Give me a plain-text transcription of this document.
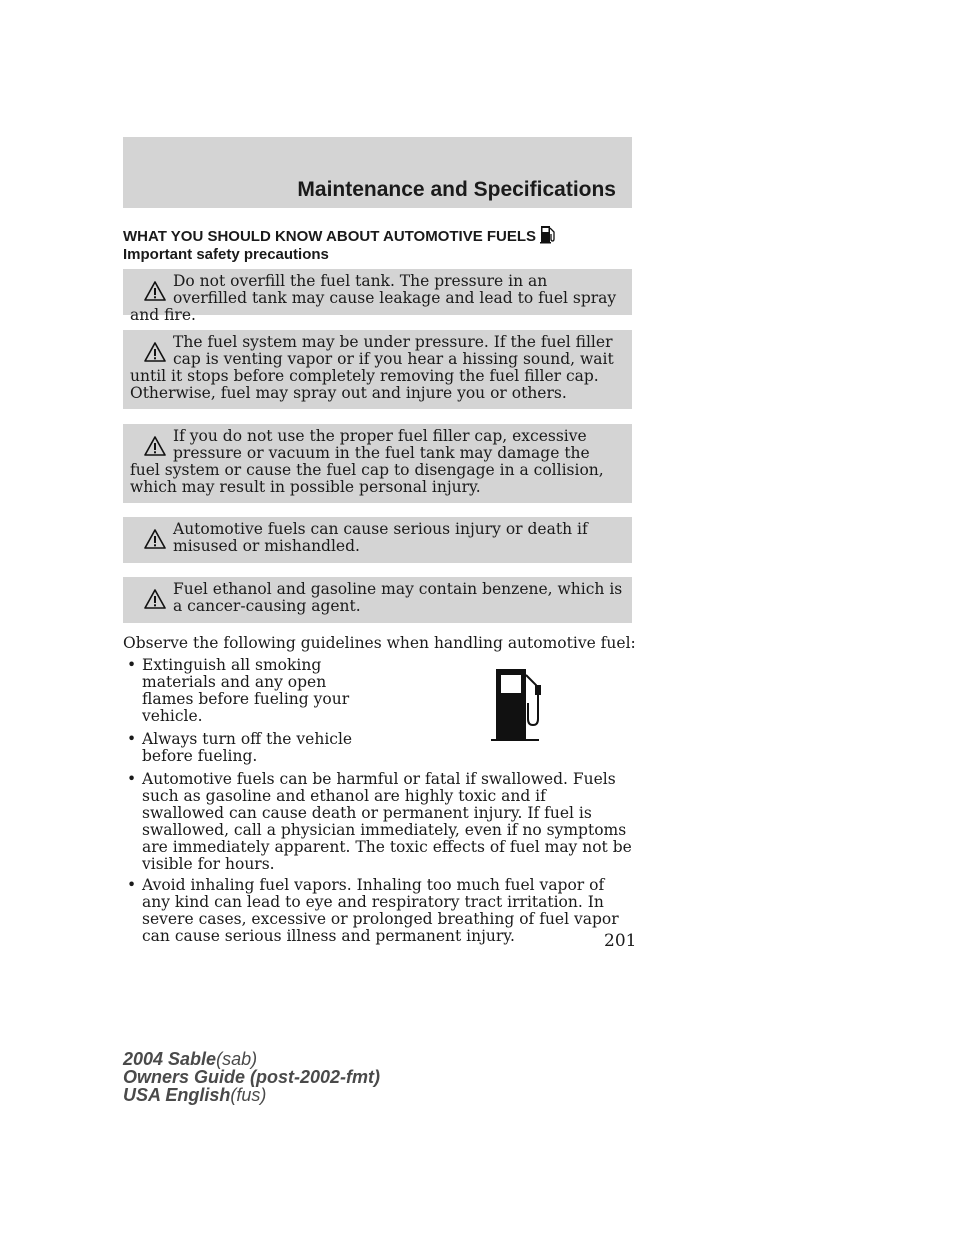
Maintenance and Specifications
WHAT YOU SHOULD KNOW ABOUT AUTOMOTIVE FUELS
Important safety precautions

Do not overfill the fuel tank. The pressure in an overfilled tank may cause leakage and lead to fuel spray and fire.

The fuel system may be under pressure. If the fuel filler cap is venting vapor or if you hear a hissing sound, wait until it stops before completely removing the fuel filler cap. Otherwise, fuel may spray out and injure you or others.

If you do not use the proper fuel filler cap, excessive pressure or vacuum in the fuel tank may damage the fuel system or cause the fuel cap to disengage in a collision, which may result in possible personal injury.

Automotive fuels can cause serious injury or death if misused or mishandled.

Fuel ethanol and gasoline may contain benzene, which is a cancer-causing agent.

Observe the following guidelines when handling automotive fuel:
• Extinguish all smoking materials and any open flames before fueling your vehicle.
• Always turn off the vehicle before fueling.
• Automotive fuels can be harmful or fatal if swallowed. Fuels such as gasoline and ethanol are highly toxic and if swallowed can cause death or permanent injury. If fuel is swallowed, call a physician immediately, even if no symptoms are immediately apparent. The toxic effects of fuel may not be visible for hours.
• Avoid inhaling fuel vapors. Inhaling too much fuel vapor of any kind can lead to eye and respiratory tract irritation. In severe cases, excessive or prolonged breathing of fuel vapor can cause serious illness and permanent injury.	201
2004 Sable(sab)
Owners Guide (post-2002-fmt)
USA English(fus)
